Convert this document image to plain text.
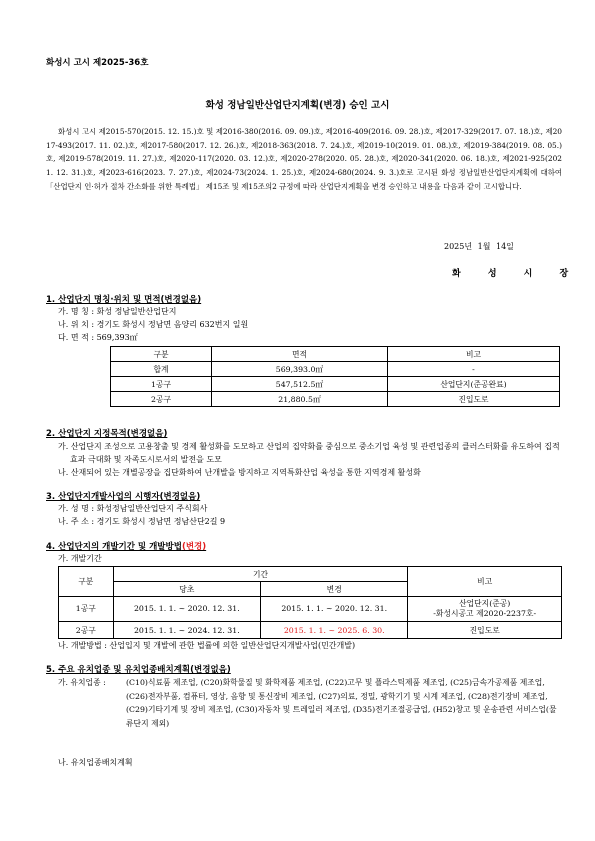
화성시 고시 제2025-36호
화성 정남일반산업단지계획(변경) 승인 고시
화성시 고시 제2015-570(2015. 12. 15.)호 및 제2016-380(2016. 09. 09.)호, 제2016-409(2016. 09. 28.)호, 제2017-329(2017. 07. 18.)호, 제2017-493(2017. 11. 02.)호, 제2017-580(2017. 12. 26.)호, 제2018-363(2018. 7. 24.)호, 제2019-10(2019. 01. 08.)호, 제2019-384(2019. 08. 05.)호, 제2019-578(2019. 11. 27.)호, 제2020-117(2020. 03. 12.)호, 제2020-278(2020. 05. 28.)호, 제2020-341(2020. 06. 18.)호, 제2021-925(2021. 12. 31.)호, 제2023-616(2023. 7. 27.)호, 제2024-73(2024. 1. 25.)호, 제2024-680(2024. 9. 3.)호로 고시된 화성 정남일반산업단지계획에 대하여 「산업단지 인·허가 절차 간소화를 위한 특례법」 제15조 및 제15조의2 규정에 따라 산업단지계획을 변경 승인하고 내용을 다음과 같이 고시합니다.
2025년 1월 14일
화 성 시 장
1. 산업단지 명칭·위치 및 면적(변경없음)
가. 명 칭 : 화성 정남일반산업단지
나. 위 치 : 경기도 화성시 정남면 음양리 632번지 일원
다. 면 적 : 569,393㎡
구분	면적	비고
합계	569,393.0㎡	-
1공구	547,512.5㎡	산업단지(준공완료)
2공구	21,880.5㎡	진입도로
2. 산업단지 지정목적(변경없음)
가. 산업단지 조성으로 고용창출 및 경제 활성화를 도모하고 산업의 집약화를 중심으로 중소기업 육성 및 관련업종의 클러스터화를 유도하여 집적효과 극대화 및 자족도시로서의 발전을 도모
나. 산재되어 있는 개별공장을 집단화하여 난개발을 방지하고 지역특화산업 육성을 통한 지역경제 활성화
3. 산업단지개발사업의 시행자(변경없음)
가. 성 명 : 화성정남일반산업단지 주식회사
나. 주 소 : 경기도 화성시 정남면 정남산단2길 9
4. 산업단지의 개발기간 및 개발방법(변경)
가. 개발기간
구분	기간		비고
	당초	변경	
1공구	2015. 1. 1. ~ 2020. 12. 31.	2015. 1. 1. ~ 2020. 12. 31.	산업단지(준공)
-화성시공고 제2020-2237호-

2공구	2015. 1. 1. ~ 2024. 12. 31.	2015. 1. 1. ~ 2025. 6. 30.	진입도로
나. 개발방법 : 산업입지 및 개발에 관한 법률에 의한 일반산업단지개발사업(민간개발)
5. 주요 유치업종 및 유치업종배치계획(변경없음)
가. 유치업종 :	(C10)식료품 제조업, (C20)화학물질 및 화학제품 제조업, (C22)고무 및 플라스틱제품 제조업, (C25)금속가공제품 제조업, (C26)전자부품, 컴퓨터, 영상, 음향 및 통신장비 제조업, (C27)의료, 정밀, 광학기기 및 시계 제조업, (C28)전기장비 제조업, (C29)기타기계 및 장비 제조업, (C30)자동차 및 트레일러 제조업, (D35)전기조절공급업, (H52)창고 및 운송관련 서비스업(물류단지 제외)
나. 유치업종배치계획
